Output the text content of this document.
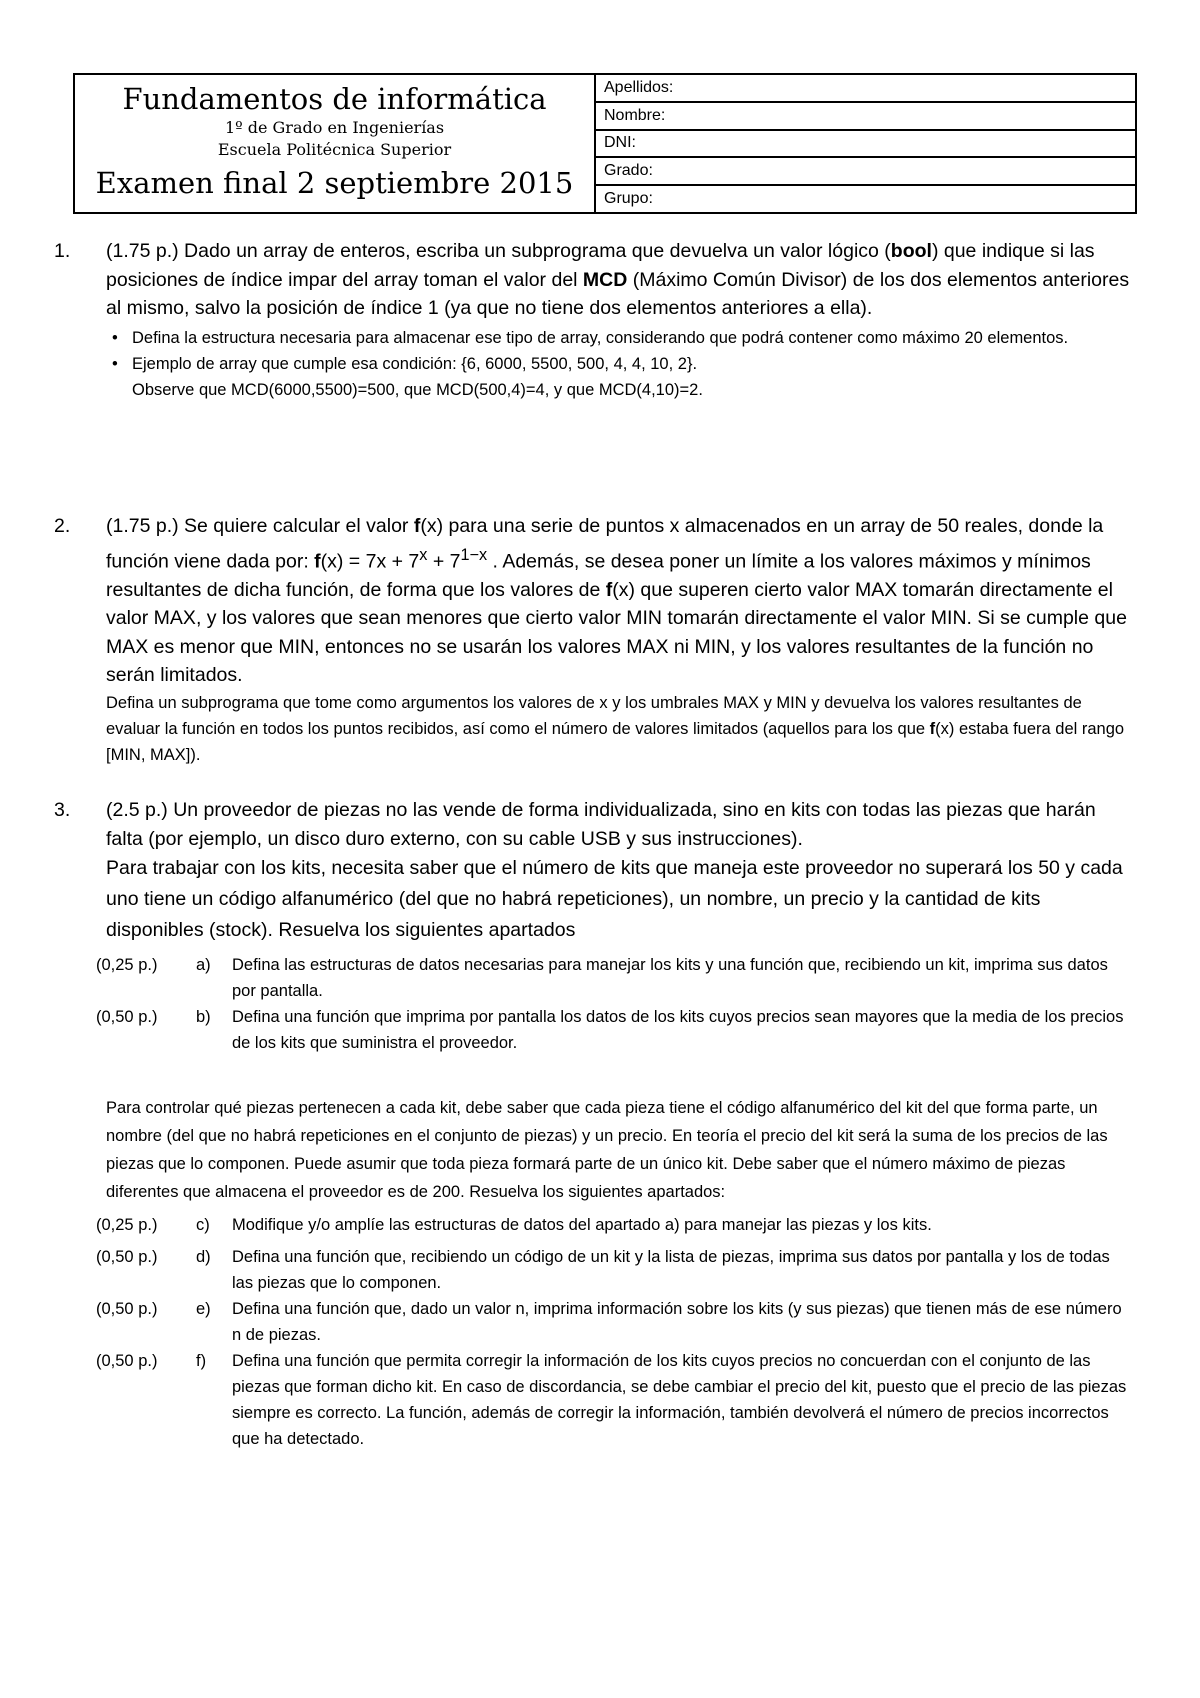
Fundamentos de informática
1º de Grado en Ingenierías
Escuela Politécnica Superior
Examen final 2 septiembre 2015
Apellidos:
Nombre:
DNI:
Grado:
Grupo:
1. (1.75 p.) Dado un array de enteros, escriba un subprograma que devuelva un valor lógico (bool) que indique si las posiciones de índice impar del array toman el valor del MCD (Máximo Común Divisor) de los dos elementos anteriores al mismo, salvo la posición de índice 1 (ya que no tiene dos elementos anteriores a ella).
• Defina la estructura necesaria para almacenar ese tipo de array, considerando que podrá contener como máximo 20 elementos.
• Ejemplo de array que cumple esa condición: {6, 6000, 5500, 500, 4, 4, 10, 2}.
Observe que MCD(6000,5500)=500, que MCD(500,4)=4, y que MCD(4,10)=2.
2. (1.75 p.) Se quiere calcular el valor f(x) para una serie de puntos x almacenados en un array de 50 reales, donde la función viene dada por: $f(x) = 7x + 7^x + 7^{1-x}$ . Además, se desea poner un límite a los valores máximos y mínimos resultantes de dicha función, de forma que los valores de f(x) que superen cierto valor MAX tomarán directamente el valor MAX, y los valores que sean menores que cierto valor MIN tomarán directamente el valor MIN. Si se cumple que MAX es menor que MIN, entonces no se usarán los valores MAX ni MIN, y los valores resultantes de la función no serán limitados.
Defina un subprograma que tome como argumentos los valores de x y los umbrales MAX y MIN y devuelva los valores resultantes de evaluar la función en todos los puntos recibidos, así como el número de valores limitados (aquellos para los que f(x) estaba fuera del rango [MIN, MAX]).
3. (2.5 p.) Un proveedor de piezas no las vende de forma individualizada, sino en kits con todas las piezas que harán falta (por ejemplo, un disco duro externo, con su cable USB y sus instrucciones).
Para trabajar con los kits, necesita saber que el número de kits que maneja este proveedor no superará los 50 y cada uno tiene un código alfanumérico (del que no habrá repeticiones), un nombre, un precio y la cantidad de kits disponibles (stock). Resuelva los siguientes apartados
(0,25 p.) a) Defina las estructuras de datos necesarias para manejar los kits y una función que, recibiendo un kit, imprima sus datos por pantalla.
(0,50 p.) b) Defina una función que imprima por pantalla los datos de los kits cuyos precios sean mayores que la media de los precios de los kits que suministra el proveedor.
Para controlar qué piezas pertenecen a cada kit, debe saber que cada pieza tiene el código alfanumérico del kit del que forma parte, un nombre (del que no habrá repeticiones en el conjunto de piezas) y un precio. En teoría el precio del kit será la suma de los precios de las piezas que lo componen. Puede asumir que toda pieza formará parte de un único kit. Debe saber que el número máximo de piezas diferentes que almacena el proveedor es de 200. Resuelva los siguientes apartados:
(0,25 p.) c) Modifique y/o amplíe las estructuras de datos del apartado a) para manejar las piezas y los kits.
(0,50 p.) d) Defina una función que, recibiendo un código de un kit y la lista de piezas, imprima sus datos por pantalla y los de todas las piezas que lo componen.
(0,50 p.) e) Defina una función que, dado un valor n, imprima información sobre los kits (y sus piezas) que tienen más de ese número n de piezas.
(0,50 p.) f) Defina una función que permita corregir la información de los kits cuyos precios no concuerdan con el conjunto de las piezas que forman dicho kit. En caso de discordancia, se debe cambiar el precio del kit, puesto que el precio de las piezas siempre es correcto. La función, además de corregir la información, también devolverá el número de precios incorrectos que ha detectado.
